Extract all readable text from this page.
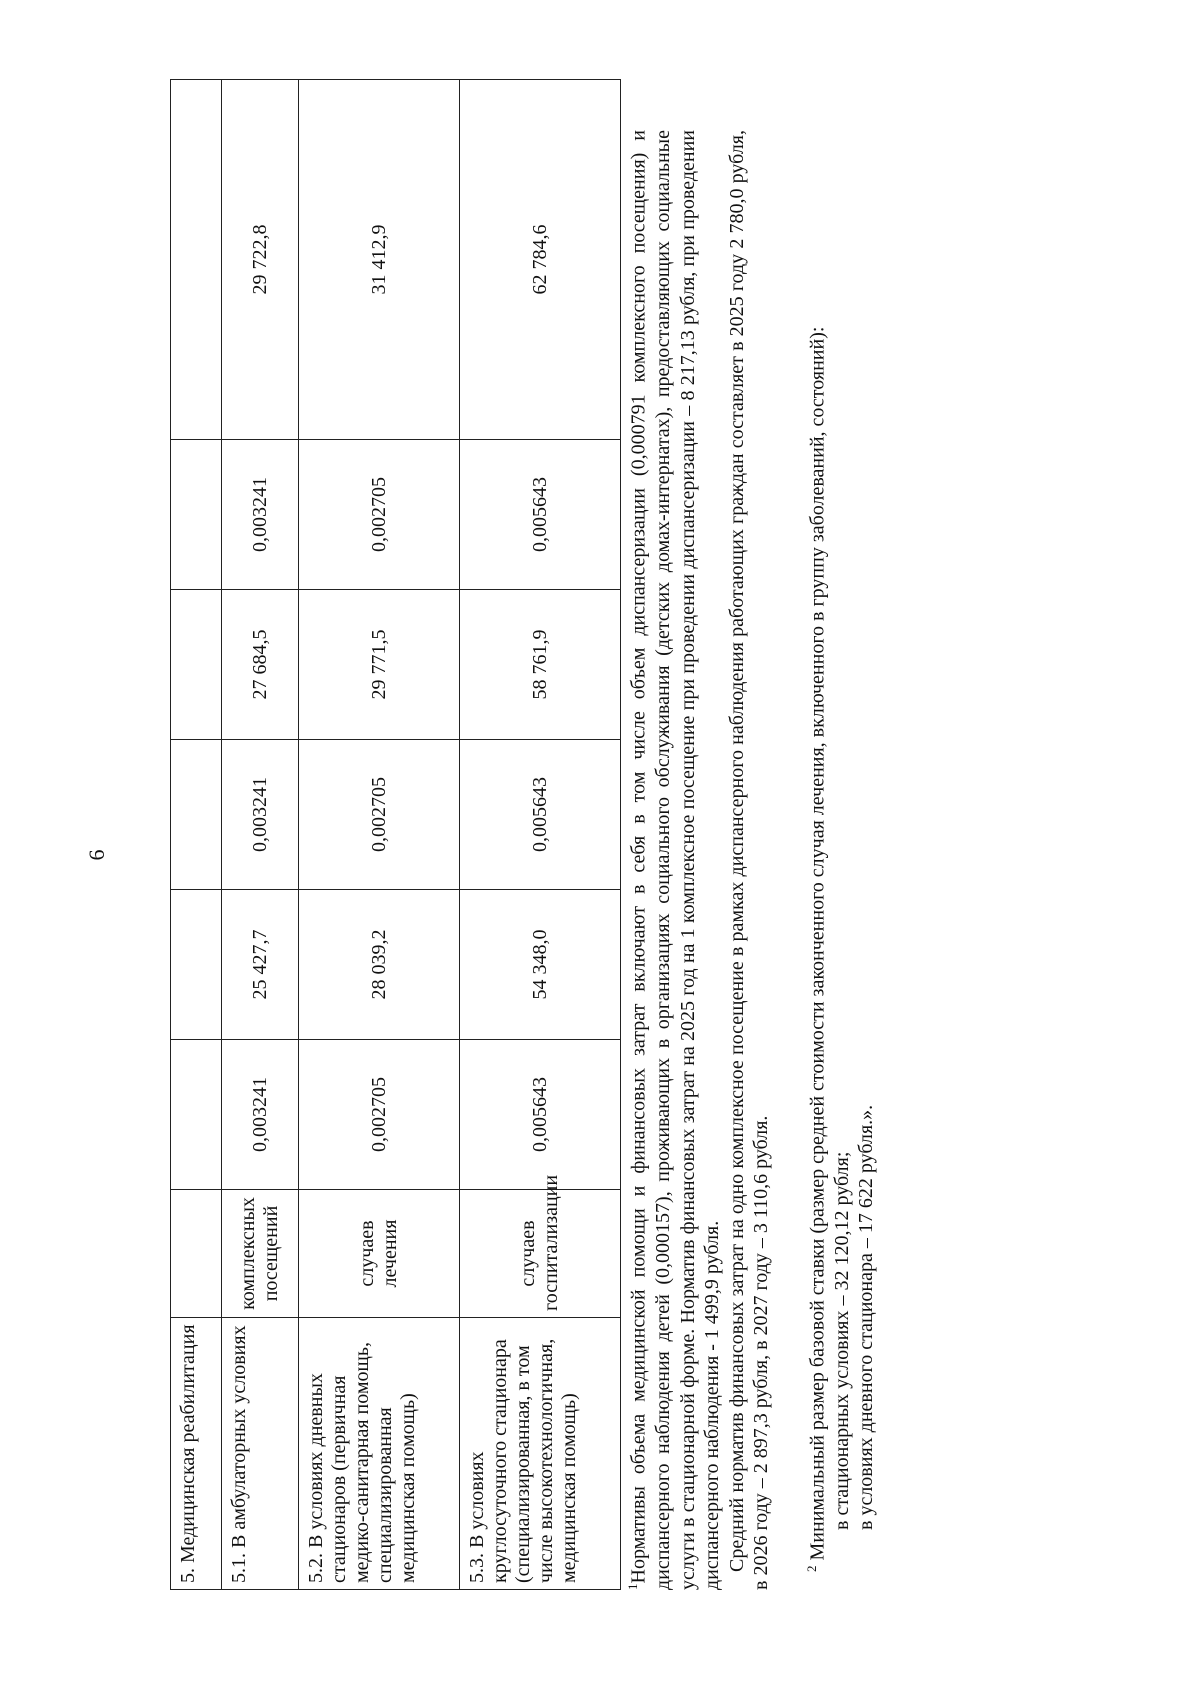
6
5. Медицинская реабилитация							
5.1. В амбулаторных условиях	комплексных посещений	0,003241	25 427,7	0,003241	27 684,5	0,003241	29 722,8
5.2. В условиях дневных стационаров (первичная медико-санитарная помощь, специализированная медицинская помощь)	случаев лечения	0,002705	28 039,2	0,002705	29 771,5	0,002705	31 412,9
5.3. В условиях круглосуточного стационара (специализированная, в том числе высокотехнологичная, медицинская помощь)	случаев госпитализации	0,005643	54 348,0	0,005643	58 761,9	0,005643	62 784,6

$^1$Нормативы объема медицинской помощи и финансовых затрат включают в себя в том числе объем диспансеризации (0,000791 комплексного посещения) и диспансерного наблюдения детей (0,000157), проживающих в организациях социального обслуживания (детских домах-интернатах), предоставляющих социальные услуги в стационарной форме. Норматив финансовых затрат на 2025 год на 1 комплексное посещение при проведении диспансеризации – 8 217,13 рубля, при проведении диспансерного наблюдения - 1 499,9 рубля. Средний норматив финансовых затрат на одно комплексное посещение в рамках диспансерного наблюдения работающих граждан составляет в 2025 году 2 780,0 рубля, в 2026 году – 2 897,3 рубля, в 2027 году – 3 110,6 рубля.	$^2$ Минимальный размер базовой ставки (размер средней стоимости законченного случая лечения, включенного в группу заболеваний, состояний): в стационарных условиях – 32 120,12 рубля; в условиях дневного стационара – 17 622 рубля.».
